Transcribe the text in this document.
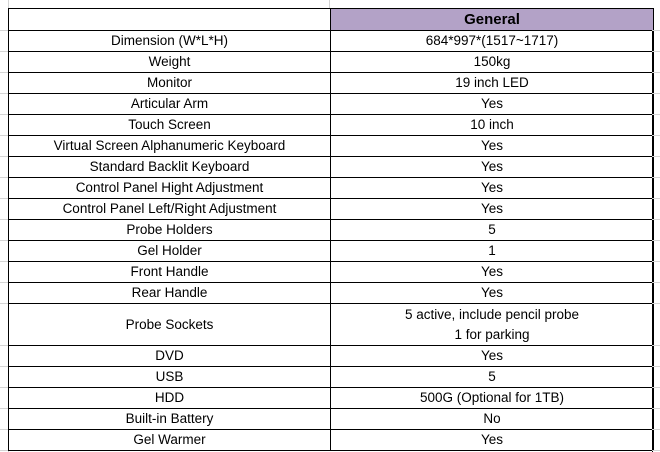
	General
Dimension (W*L*H)	684*997*(1517~1717)

Weight	150kg

Monitor	19 inch LED

Articular Arm	Yes

Touch Screen	10 inch

Virtual Screen Alphanumeric Keyboard	Yes

Standard Backlit Keyboard	Yes

Control Panel Hight Adjustment	Yes

Control Panel Left/Right Adjustment	Yes

Probe Holders	5

Gel Holder	1

Front Handle	Yes

Rear Handle	Yes

Probe Sockets	5 active, include pencil probe
1 for parking

DVD	Yes

USB	5

HDD	500G (Optional for 1TB)

Built-in Battery	No

Gel Warmer	Yes
